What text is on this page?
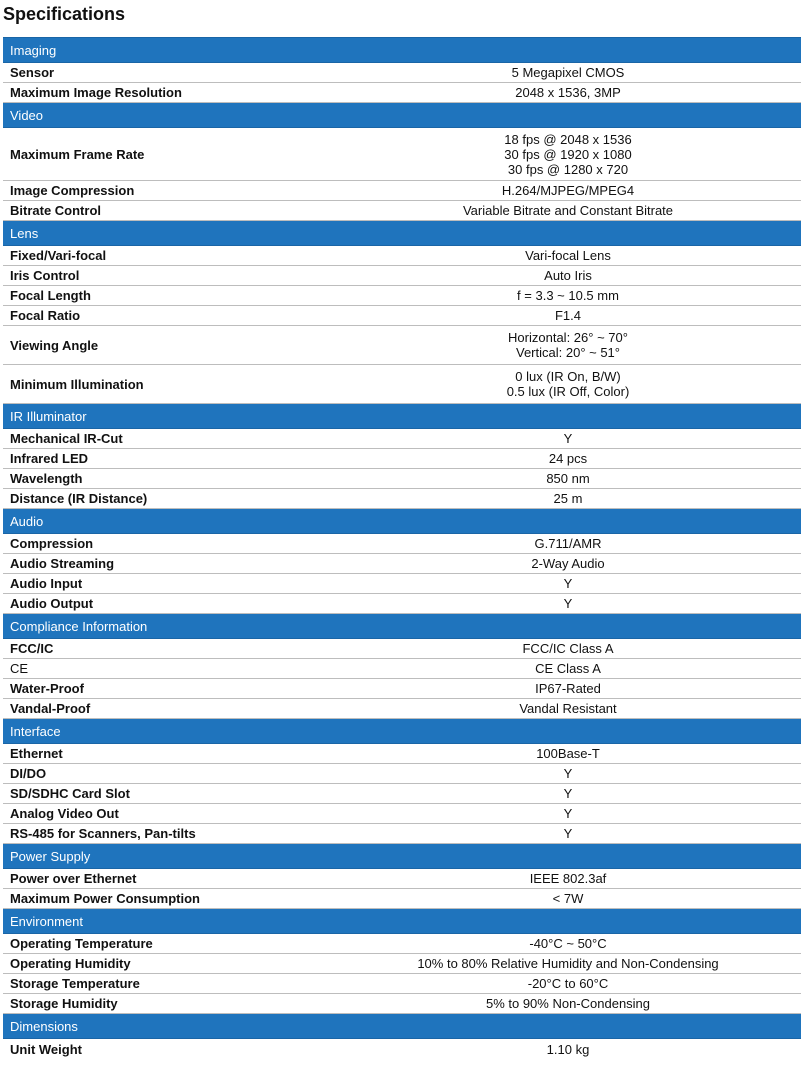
Specifications
Imaging	
Sensor	5 Megapixel CMOS

Maximum Image Resolution	2048 x 1536, 3MP

Video	
Maximum Frame Rate	18 fps @ 2048 x 1536
30 fps @ 1920 x 1080
30 fps @ 1280 x 720

Image Compression	H.264/MJPEG/MPEG4

Bitrate Control	Variable Bitrate and Constant Bitrate

Lens	
Fixed/Vari-focal	Vari-focal Lens

Iris Control	Auto Iris

Focal Length	f = 3.3 ~ 10.5 mm

Focal Ratio	F1.4

Viewing Angle	Horizontal: 26° ~ 70°
Vertical: 20° ~ 51°

Minimum Illumination	0 lux (IR On, B/W)
0.5 lux (IR Off, Color)

IR Illuminator	
Mechanical IR-Cut	Y

Infrared LED	24 pcs

Wavelength	850 nm

Distance (IR Distance)	25 m

Audio	
Compression	G.711/AMR

Audio Streaming	2-Way Audio

Audio Input	Y

Audio Output	Y

Compliance Information	
FCC/IC	FCC/IC Class A

CE	CE Class A

Water-Proof	IP67-Rated

Vandal-Proof	Vandal Resistant

Interface	
Ethernet	100Base-T

DI/DO	Y

SD/SDHC Card Slot	Y

Analog Video Out	Y

RS-485 for Scanners, Pan-tilts	Y

Power Supply	
Power over Ethernet	IEEE 802.3af

Maximum Power Consumption	< 7W

Environment	
Operating Temperature	-40°C ~ 50°C

Operating Humidity	10% to 80% Relative Humidity and Non-Condensing

Storage Temperature	-20°C to 60°C

Storage Humidity	5% to 90% Non-Condensing

Dimensions	
Unit Weight	1.10 kg
